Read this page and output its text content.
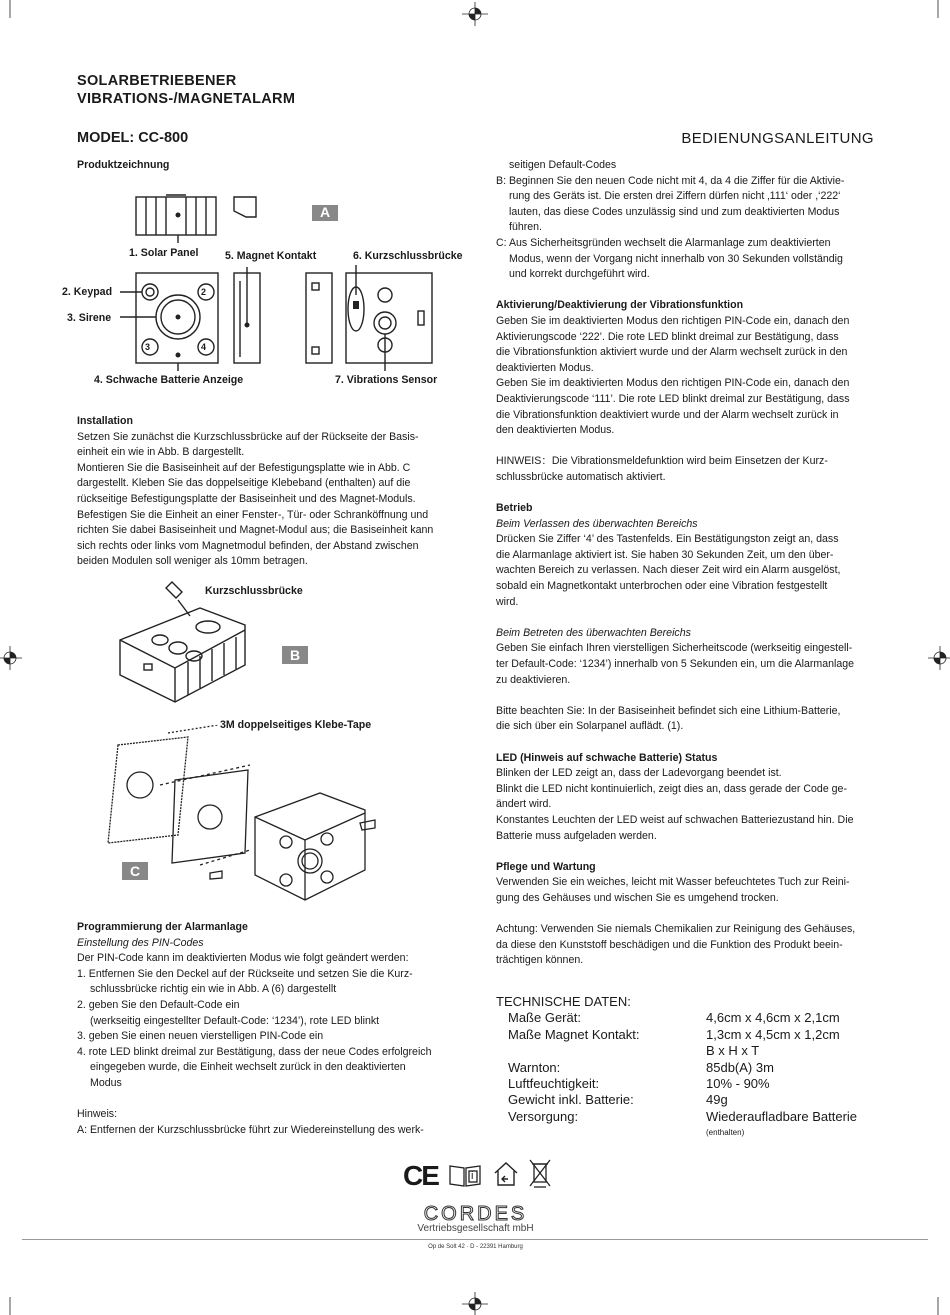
SOLARBETRIEBENER
VIBRATIONS-/MAGNETALARM
MODEL: CC-800	BEDIENUNGSANLEITUNG
Produktzeichnung
A
2
3	4
1. Solar Panel	5. Magnet Kontakt	6. Kurzschlussbrücke
2. Keypad
3. Sirene
4. Schwache Batterie Anzeige	7. Vibrations Sensor
Installation
Setzen Sie zunächst die Kurzschlussbrücke auf der Rückseite der Basis-
einheit ein wie in Abb. B dargestellt.
Montieren Sie die Basiseinheit auf der Befestigungsplatte wie in Abb. C
dargestellt. Kleben Sie das doppelseitige Klebeband (enthalten) auf die
rückseitige Befestigungsplatte der Basiseinheit und des Magnet-Moduls.
Befestigen Sie die Einheit an einer Fenster-, Tür- oder Schranköffnung und
richten Sie dabei Basiseinheit und Magnet-Modul aus; die Basiseinheit kann
sich rechts oder links vom Magnetmodul befinden, der Abstand zwischen
beiden Modulen soll weniger als 10mm betragen.
Kurzschlussbrücke
B
3M doppelseitiges Klebe-Tape
C
Programmierung der Alarmanlage
Einstellung des PIN-Codes
Der PIN-Code kann im deaktivierten Modus wie folgt geändert werden:
1. Entfernen Sie den Deckel auf der Rückseite und setzen Sie die Kurz-
schlussbrücke richtig ein wie in Abb. A (6) dargestellt
2. geben Sie den Default-Code ein
(werkseitig eingestellter Default-Code: ‘1234’), rote LED blinkt
3. geben Sie einen neuen vierstelligen PIN-Code ein
4. rote LED blinkt dreimal zur Bestätigung, dass der neue Codes erfolgreich
eingegeben wurde, die Einheit wechselt zurück in den deaktivierten
Modus
Hinweis:
A: Entfernen der Kurzschlussbrücke führt zur Wiedereinstellung des werk-
seitigen Default-Codes
B: Beginnen Sie den neuen Code nicht mit 4, da 4 die Ziffer für die Aktivie-
rung des Geräts ist. Die ersten drei Ziffern dürfen nicht ‚111‘ oder ,‘222‘
lauten, das diese Codes unzulässig sind und zum deaktivierten Modus
führen.
C: Aus Sicherheitsgründen wechselt die Alarmanlage zum deaktivierten
Modus, wenn der Vorgang nicht innerhalb von 30 Sekunden vollständig
und korrekt durchgeführt wird.
Aktivierung/Deaktivierung der Vibrationsfunktion
Geben Sie im deaktivierten Modus den richtigen PIN-Code ein, danach den
Aktivierungscode ‘222’. Die rote LED blinkt dreimal zur Bestätigung, dass
die Vibrationsfunktion aktiviert wurde und der Alarm wechselt zurück in den
deaktivierten Modus.
Geben Sie im deaktivierten Modus den richtigen PIN-Code ein, danach den
Deaktivierungscode ‘111’. Die rote LED blinkt dreimal zur Bestätigung, dass
die Vibrationsfunktion deaktiviert wurde und der Alarm wechselt zurück in
den deaktivierten Modus.
HINWEIS：Die Vibrationsmeldefunktion wird beim Einsetzen der Kurz-
schlussbrücke automatisch aktiviert.
Betrieb
Beim Verlassen des überwachten Bereichs
Drücken Sie Ziffer ‘4’ des Tastenfelds. Ein Bestätigungston zeigt an, dass
die Alarmanlage aktiviert ist. Sie haben 30 Sekunden Zeit, um den über-
wachten Bereich zu verlassen. Nach dieser Zeit wird ein Alarm ausgelöst,
sobald ein Magnetkontakt unterbrochen oder eine Vibration festgestellt
wird.
Beim Betreten des überwachten Bereichs
Geben Sie einfach Ihren vierstelligen Sicherheitscode (werkseitig eingestell-
ter Default-Code: ‘1234’) innerhalb von 5 Sekunden ein, um die Alarmanlage
zu deaktivieren.
Bitte beachten Sie: In der Basiseinheit befindet sich eine Lithium-Batterie,
die sich über ein Solarpanel auflädt. (1).
LED (Hinweis auf schwache Batterie) Status
Blinken der LED zeigt an, dass der Ladevorgang beendet ist.
Blinkt die LED nicht kontinuierlich, zeigt dies an, dass gerade der Code ge-
ändert wird.
Konstantes Leuchten der LED weist auf schwachen Batteriezustand hin. Die
Batterie muss aufgeladen werden.
Pflege und Wartung
Verwenden Sie ein weiches, leicht mit Wasser befeuchtetes Tuch zur Reini-
gung des Gehäuses und wischen Sie es umgehend trocken.
Achtung: Verwenden Sie niemals Chemikalien zur Reinigung des Gehäuses,
da diese den Kunststoff beschädigen und die Funktion des Produkt beein-
trächtigen können.
TECHNISCHE DATEN:
Maße Gerät:	4,6cm x 4,6cm x 2,1cm
Maße Magnet Kontakt:	1,3cm x 4,5cm x 1,2cm
B x H x T
Warnton:	85db(A) 3m
Luftfeuchtigkeit:	10% - 90%
Gewicht inkl. Batterie:	49g
Versorgung:	Wiederaufladbare Batterie
(enthalten)
CE	i
CORDES
Vertriebsgesellschaft mbH
Op de Solt 42 · D - 22391 Hamburg
